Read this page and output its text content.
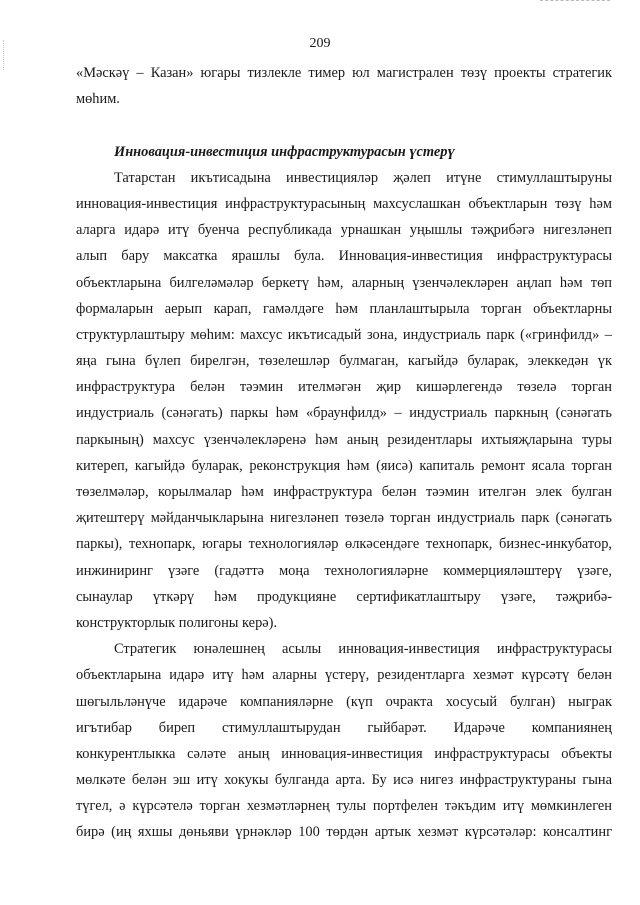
209
«Мәскәү – Казан» югары тизлекле тимер юл магистрален төзү проекты стратегик
мөһим.
Инновация-инвестиция инфраструктурасын үстерү
Татарстан икътисадына инвестицияләр җәлеп итүне стимуллаштыруны
инновация-инвестиция инфраструктурасының махсуслашкан объектларын төзү һәм
аларга идарә итү буенча республикада урнашкан уңышлы тәҗрибәгә нигезләнеп
алып бару максатка ярашлы була. Инновация-инвестиция инфраструктурасы
объектларына билгеләмәләр беркетү һәм, аларның үзенчәлекләрен аңлап һәм төп
формаларын аерып карап, гамәлдәге һәм планлаштырыла торган объектларны
структурлаштыру мөһим: махсус икътисадый зона, индустриаль парк («гринфилд» –
яңа гына бүлеп бирелгән, төзелешләр булмаган, кагыйдә буларак, элеккедән үк
инфраструктура белән тәэмин ителмәгән җир кишәрлегендә төзелә торган
индустриаль (сәнәгать) паркы һәм «браунфилд» – индустриаль паркның (сәнәгать
паркының) махсус үзенчәлекләренә һәм аның резидентлары ихтыяҗларына туры
китереп, кагыйдә буларак, реконструкция һәм (яисә) капиталь ремонт ясала торган
төзелмәләр, корылмалар һәм инфраструктура белән тәэмин ителгән элек булган
җитештерү мәйданчыкларына нигезләнеп төзелә торган индустриаль парк (сәнәгать
паркы), технопарк, югары технологияләр өлкәсендәге технопарк, бизнес-инкубатор,
инжиниринг үзәге (гадәттә моңа технологияләрне коммерцияләштерү үзәге,
сынаулар үткәрү һәм продукцияне сертификатлаштыру үзәге, тәҗрибә-
конструкторлык полигоны керә).
Стратегик юнәлешнең асылы инновация-инвестиция инфраструктурасы
объектларына идарә итү һәм аларны үстерү, резидентларга хезмәт күрсәтү белән
шөгыльләнүче идарәче компанияләрне (күп очракта хосусый булган) ныграк
игътибар биреп стимуллаштырудан гыйбарәт. Идарәче компаниянең
конкурентлыкка сәләте аның инновация-инвестиция инфраструктурасы объекты
мөлкәте белән эш итү хокукы булганда арта. Бу исә нигез инфраструктураны гына
түгел, ә күрсәтелә торган хезмәтләрнең тулы портфелен тәкъдим итү мөмкинлеген
бирә (иң яхшы дөньяви үрнәкләр 100 төрдән артык хезмәт күрсәтәләр: консалтинг
